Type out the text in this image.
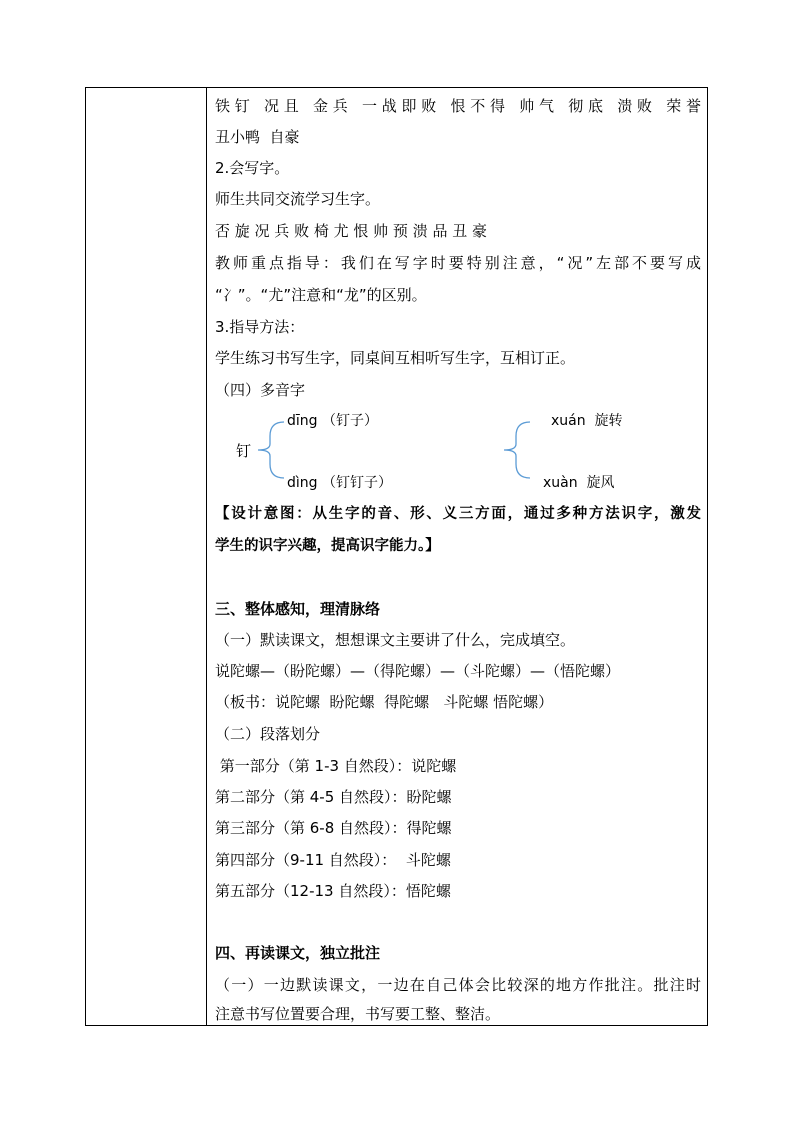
铁钉 况且 金兵 一战即败 恨不得 帅气 彻底 溃败 荣誉
丑小鸭  自豪
2.会写字。
师生共同交流学习生字。
否 旋 况 兵 败 椅 尤 恨 帅 预 溃 品 丑 豪
教师重点指导：我们在写字时要特别注意，“况”左部不要写成
“冫”。“尤”注意和“龙”的区别。
3.指导方法：
学生练习书写生字，同桌间互相听写生字，互相订正。
（四）多音字
钉
dīng （钉子）
dìng （钉钉子）
xuán  旋转
xuàn  旋风
【设计意图：从生字的音、形、义三方面，通过多种方法识字，激发
学生的识字兴趣，提高识字能力。】
三、整体感知，理清脉络
（一）默读课文，想想课文主要讲了什么，完成填空。
说陀螺—（盼陀螺）—（得陀螺）—（斗陀螺）—（悟陀螺）
（板书：说陀螺  盼陀螺  得陀螺   斗陀螺 悟陀螺）
（二）段落划分
第一部分（第 1-3 自然段）：说陀螺
第二部分（第 4-5 自然段）：盼陀螺
第三部分（第 6-8 自然段）：得陀螺
第四部分（9-11 自然段）：  斗陀螺
第五部分（12-13 自然段）：悟陀螺
四、再读课文，独立批注
（一）一边默读课文，一边在自己体会比较深的地方作批注。批注时
注意书写位置要合理，书写要工整、整洁。
